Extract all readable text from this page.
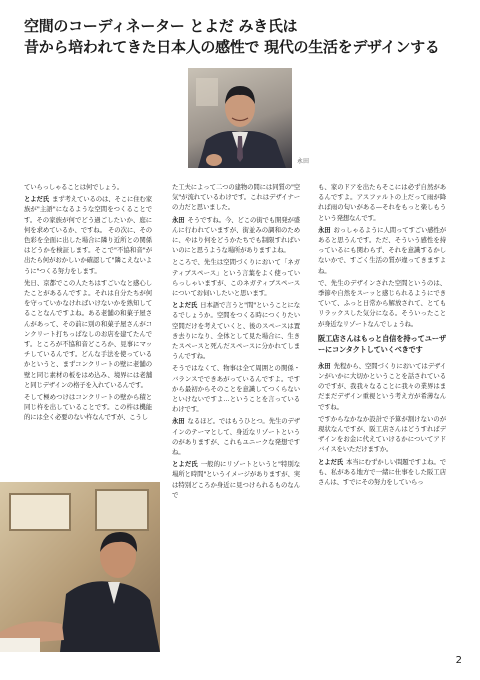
空間のコーディネーター とよだ みき氏は
昔から培われてきた日本人の感性で 現代の生活をデザインする
永田

ていらっしゃることは何でしょう。

とよだ氏 まず考えているのは、そこに住む家族が"主語"になるような空間をつくることです。その家族が何でどう過ごしたいか、庭に何を求めているか、ですね。 その次に、その色彩を全面に出した場合に隣り近所との関係はどうかを検証します。そこで"不協和音"が出たら何がおかしいか確認して"隣こえないように"つくる努力をします。

先日、京都でこの人たちはすごいなと感心したことがあるんですよ。それは自分たちが何を守っていかなければいけないかを熟知してることなんですよね。ある老舗の和菓子屋さんがあって、その前に別の和菓子屋さんがコンクリート打ちっぱなしのお店を建てたんです。ところが不協和音どころか、見事にマッチしているんです。どんな手法を使っているかというと、まずコンクリートの壁に老舗の壁と同じ素材の板をはめ込み、境界には老舗と同じデザインの格子を入れているんです。

そして極めつけはコンクリートの壁から積と同じ杵を出していることです。この杵は機能的には全く必要のない杵なんですが、こうし

た工夫によって二つの建物の間には同質の"空気"が流れているわけです。これはデザイナーの力だと思いました。

永田 そうですね。今、どこの街でも開発が盛んに行われていますが、街並みの調和のために、やはり何をどうかたちでも制限すればいいのにと思うような場所がありますよね。

ところで、先生は空間づくりにおいて「ネガティブスペース」という言葉をよく使っていらっしゃいますが、このネガティブスペースについてお伺いしたいと思います。

とよだ氏 日本語で言うと"間"ということになるでしょうか。空間をつくる時につくりたい空間だけを考えていくと、後のスペースは置き去りになり、全体として見た場合に、生きたスペースと死んだスペースに分かれてしまうんですね。

そうではなくて、物事は全て周囲との関係・バランスでできあがっているんですよ。ですから最初からそのことを意識してつくらないといけないですよ…ということを言っているわけです。

永田 なるほど。ではもうひとつ。先生のデザインのテーマとして、身近なリゾートというのがありますが、これもユニークな発想ですね。

とよだ氏 一般的にリゾートというと"特別な場所と時間"というイメージがありますが、実は特別どころか身近に見つけられるものなんで

も、家のドアを出たらそこには必ず自然があるんですよ。アスファルトの上だって雨が降れば雨の匂いがある—それをもっと楽しもうという発想なんです。

永田 おっしゃるように人間ってすごい感性があると思うんです。ただ、そういう感性を持っているにも関わらず、それを意識するかしないかで、すごく生活の質が違ってきますよね。

で、先生のデザインされた空間というのは、季節や自然をスーッと感じられるようにできていて、ふっと日常から解放されて、とてもリラックスした気分になる。そういったことが身近なリゾートなんでしょうね。

阪工店さんはもっと自信を持ってユーザーにコンタクトしていくべきです

永田 先程から、空間づくりにおいてはデザインがいかに大切かということを話されているのですが、我我々なることに我々の業界はまだまだデザイン重視という考え方が希薄なんですね。

ですからなかなか設計で予算が割けないのが現状なんですが、阪工店さんはどうすればデザインをお金に代えていけるかについてアドバイスをいただけますか。

とよだ氏 本当にむずかしい問題ですよね。でも、私がある地方で一緒に仕事をした阪工店さんは、すでにその努力をしていらっ

2
